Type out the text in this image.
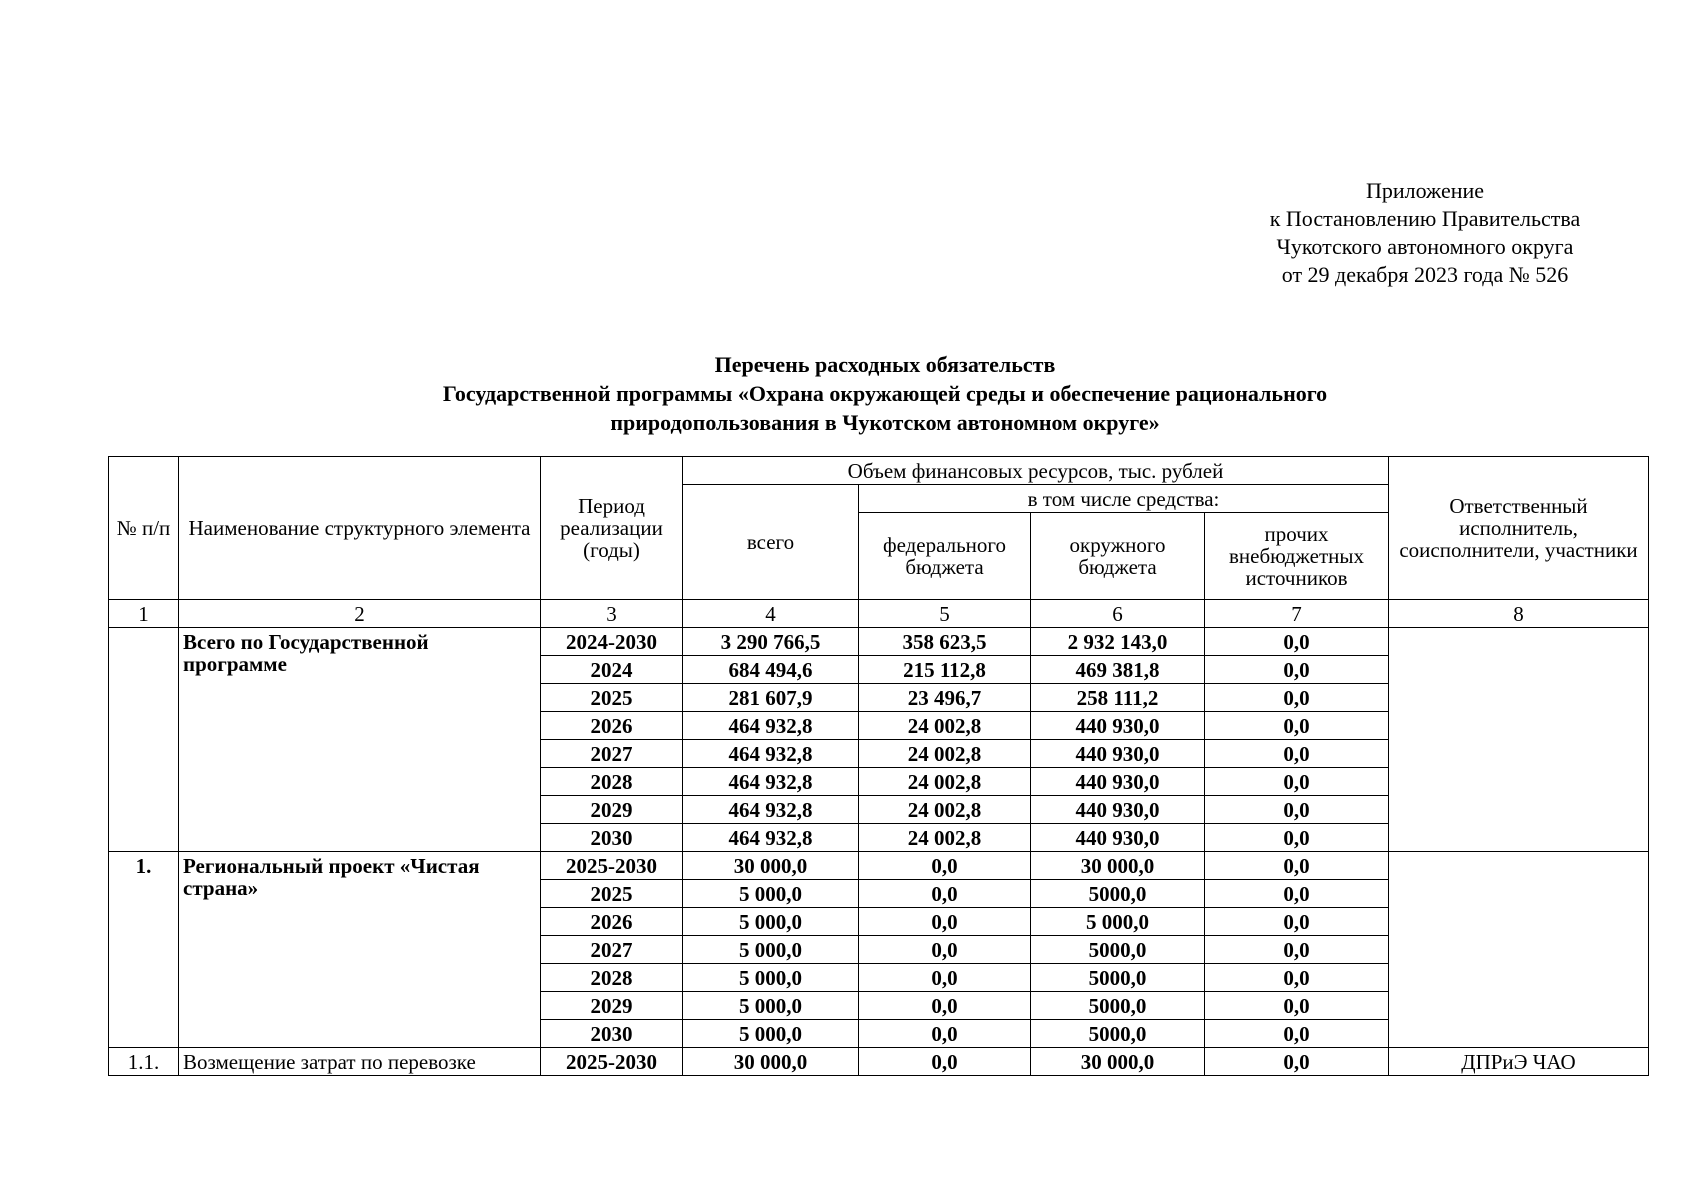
Приложение
к Постановлению Правительства
Чукотского автономного округа
от 29 декабря 2023 года № 526
Перечень расходных обязательств
Государственной программы «Охрана окружающей среды и обеспечение рационального
природопользования в Чукотском автономном округе»
№ п/п	Наименование структурного элемента	Период реализации (годы)	Объем финансовых ресурсов, тыс. рублей				Ответственный исполнитель, соисполнители, участники
			всего	в том числе средства:			
				федерального бюджета	окружного бюджета	прочих внебюджетных источников	
1	2	3	4	5	6	7	8
	Всего по Государственной программе	2024-2030	3 290 766,5	358 623,5	2 932 143,0	0,0	
		2024	684 494,6	215 112,8	469 381,8	0,0	
		2025	281 607,9	23 496,7	258 111,2	0,0	
		2026	464 932,8	24 002,8	440 930,0	0,0	
		2027	464 932,8	24 002,8	440 930,0	0,0	
		2028	464 932,8	24 002,8	440 930,0	0,0	
		2029	464 932,8	24 002,8	440 930,0	0,0	
		2030	464 932,8	24 002,8	440 930,0	0,0	
1.	Региональный проект «Чистая страна»	2025-2030	30 000,0	0,0	30 000,0	0,0	
		2025	5 000,0	0,0	5000,0	0,0	
		2026	5 000,0	0,0	5 000,0	0,0	
		2027	5 000,0	0,0	5000,0	0,0	
		2028	5 000,0	0,0	5000,0	0,0	
		2029	5 000,0	0,0	5000,0	0,0	
		2030	5 000,0	0,0	5000,0	0,0	
1.1.	Возмещение затрат по перевозке	2025-2030	30 000,0	0,0	30 000,0	0,0	ДПРиЭ ЧАО
